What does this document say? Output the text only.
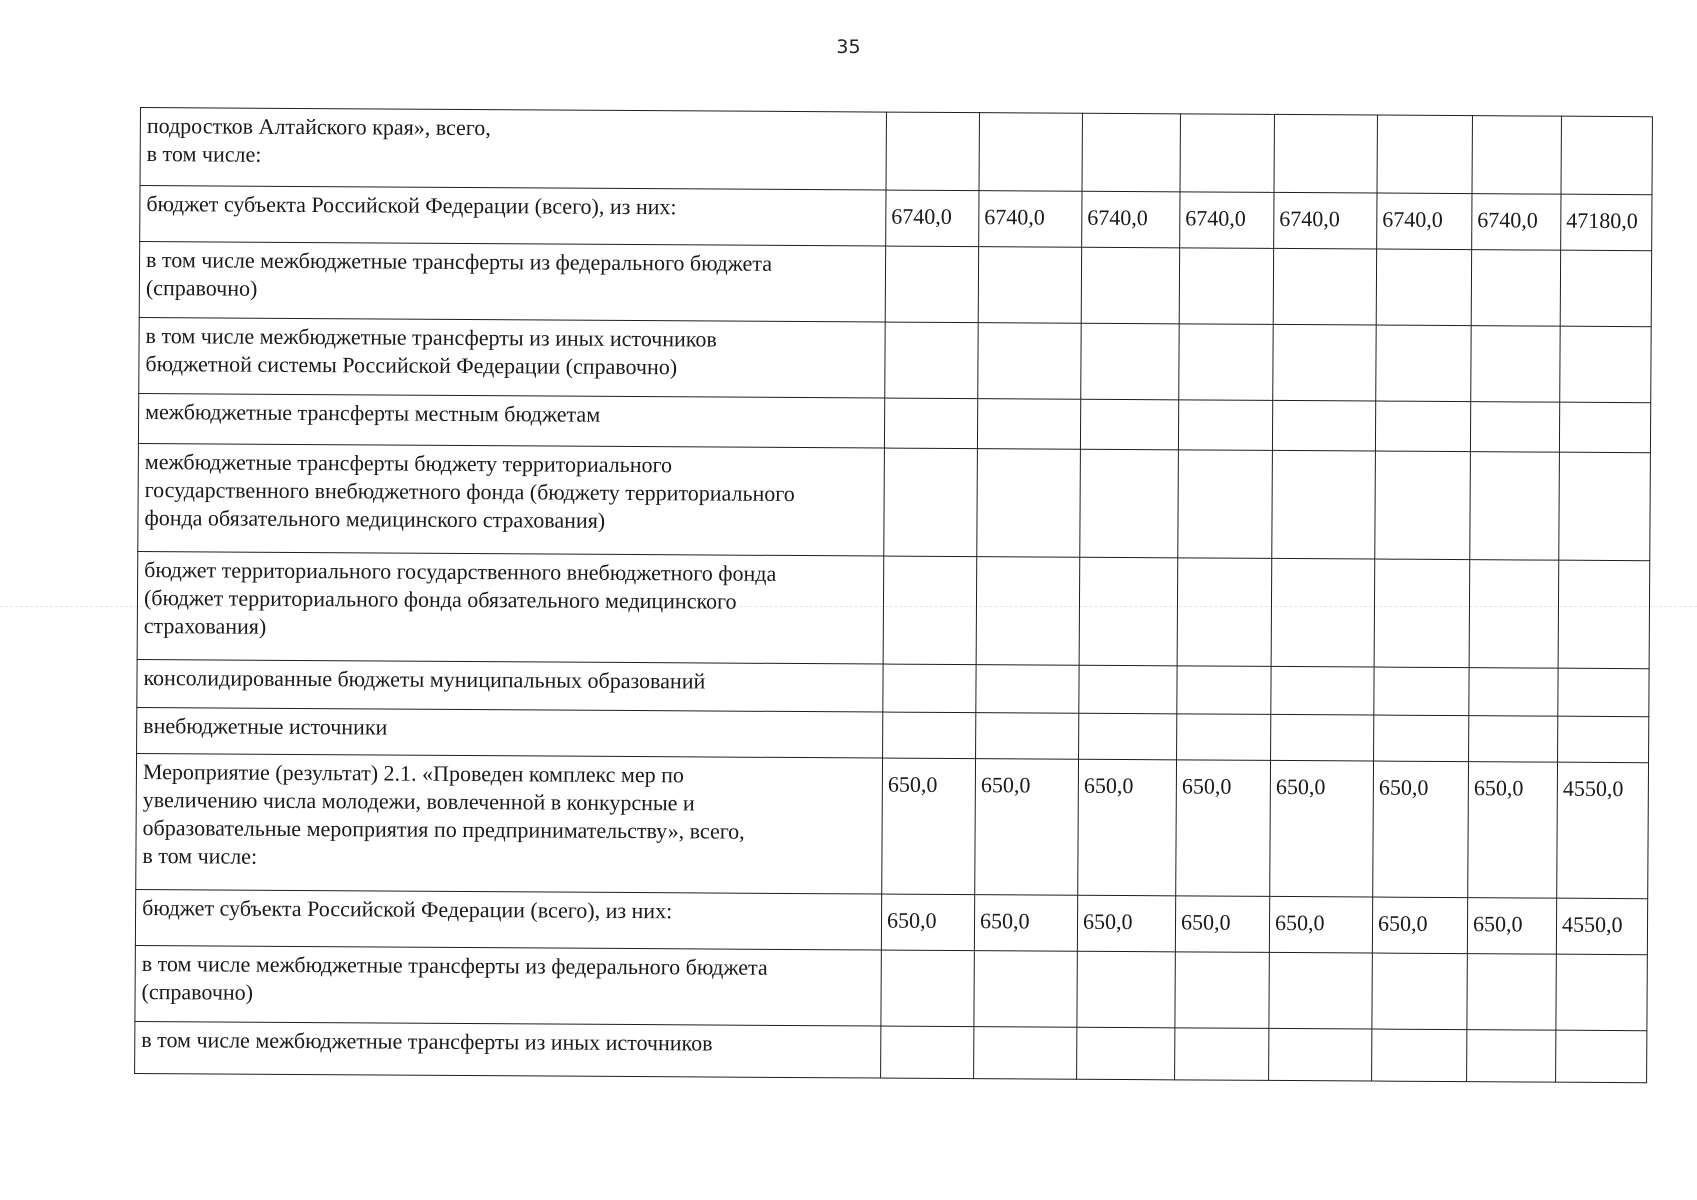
35
подростков Алтайского края», всего,
в том числе:								
бюджет субъекта Российской Федерации (всего), из них:	6740,0	6740,0	6740,0	6740,0	6740,0	6740,0	6740,0	47180,0
в том числе межбюджетные трансферты из федерального бюджета
(справочно)								
в том числе межбюджетные трансферты из иных источников
бюджетной системы Российской Федерации (справочно)								
межбюджетные трансферты местным бюджетам								
межбюджетные трансферты бюджету территориального
государственного внебюджетного фонда (бюджету территориального
фонда обязательного медицинского страхования)								
бюджет территориального государственного внебюджетного фонда
(бюджет территориального фонда обязательного медицинского
страхования)								
консолидированные бюджеты муниципальных образований								
внебюджетные источники								
Мероприятие (результат) 2.1. «Проведен комплекс мер по
увеличению числа молодежи, вовлеченной в конкурсные и
образовательные мероприятия по предпринимательству», всего,
в том числе:	650,0	650,0	650,0	650,0	650,0	650,0	650,0	4550,0
бюджет субъекта Российской Федерации (всего), из них:	650,0	650,0	650,0	650,0	650,0	650,0	650,0	4550,0
в том числе межбюджетные трансферты из федерального бюджета
(справочно)								
в том числе межбюджетные трансферты из иных источников								
